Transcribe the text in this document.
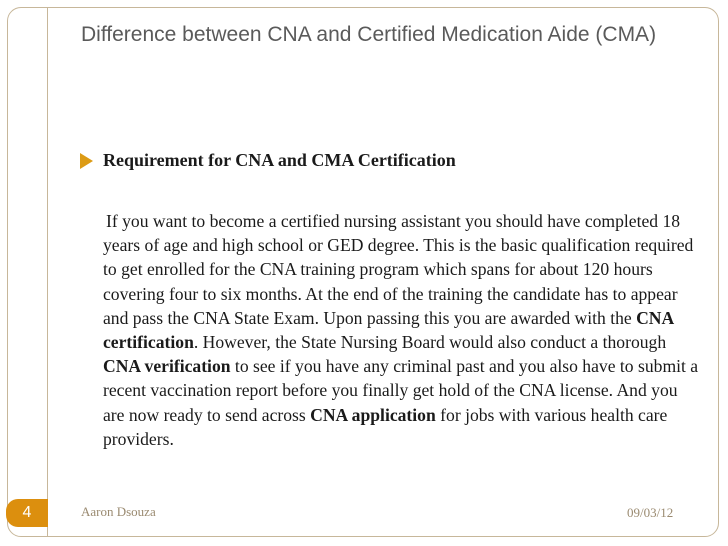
Difference between CNA and Certified Medication Aide (CMA)
Requirement for CNA and CMA Certification

If you want to become a certified nursing assistant you should have completed 18 years of age and high school or GED degree. This is the basic qualification required to get enrolled for the CNA training program which spans for about 120 hours covering four to six months. At the end of the training the candidate has to appear and pass the CNA State Exam. Upon passing this you are awarded with the CNA certification. However, the State Nursing Board would also conduct a thorough CNA verification to see if you have any criminal past and you also have to submit a recent vaccination report before you finally get hold of the CNA license. And you are now ready to send across CNA application for jobs with various health care providers.

4	Aaron Dsouza	09/03/12
